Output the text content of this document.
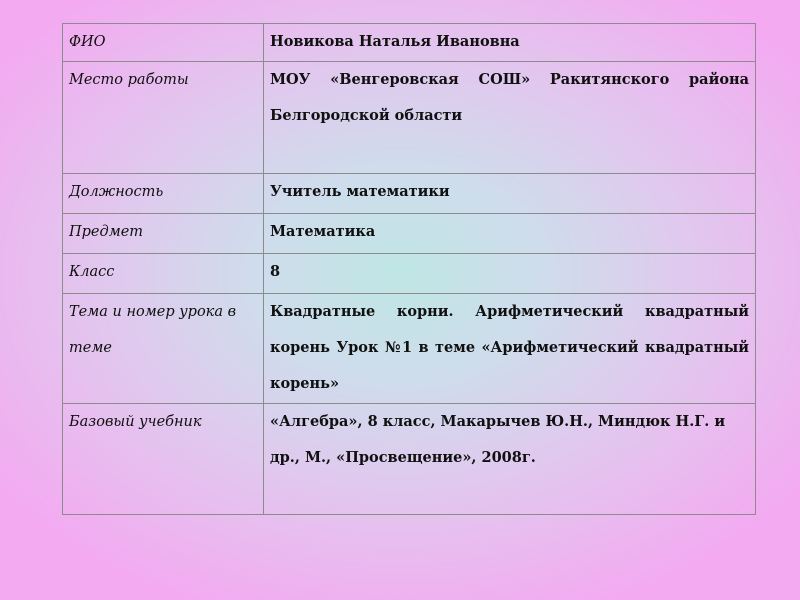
ФИО	Новикова Наталья Ивановна
Место работы	МОУ «Венгеровская СОШ» Ракитянского района Белгородской области
Должность	Учитель математики
Предмет	Математика
Класс	8
Тема и номер урока в теме	Квадратные корни. Арифметический квадратный корень Урок №1 в теме «Арифметический квадратный корень»
Базовый учебник	«Алгебра», 8 класс, Макарычев Ю.Н., Миндюк Н.Г. и др., М., «Просвещение», 2008г.
